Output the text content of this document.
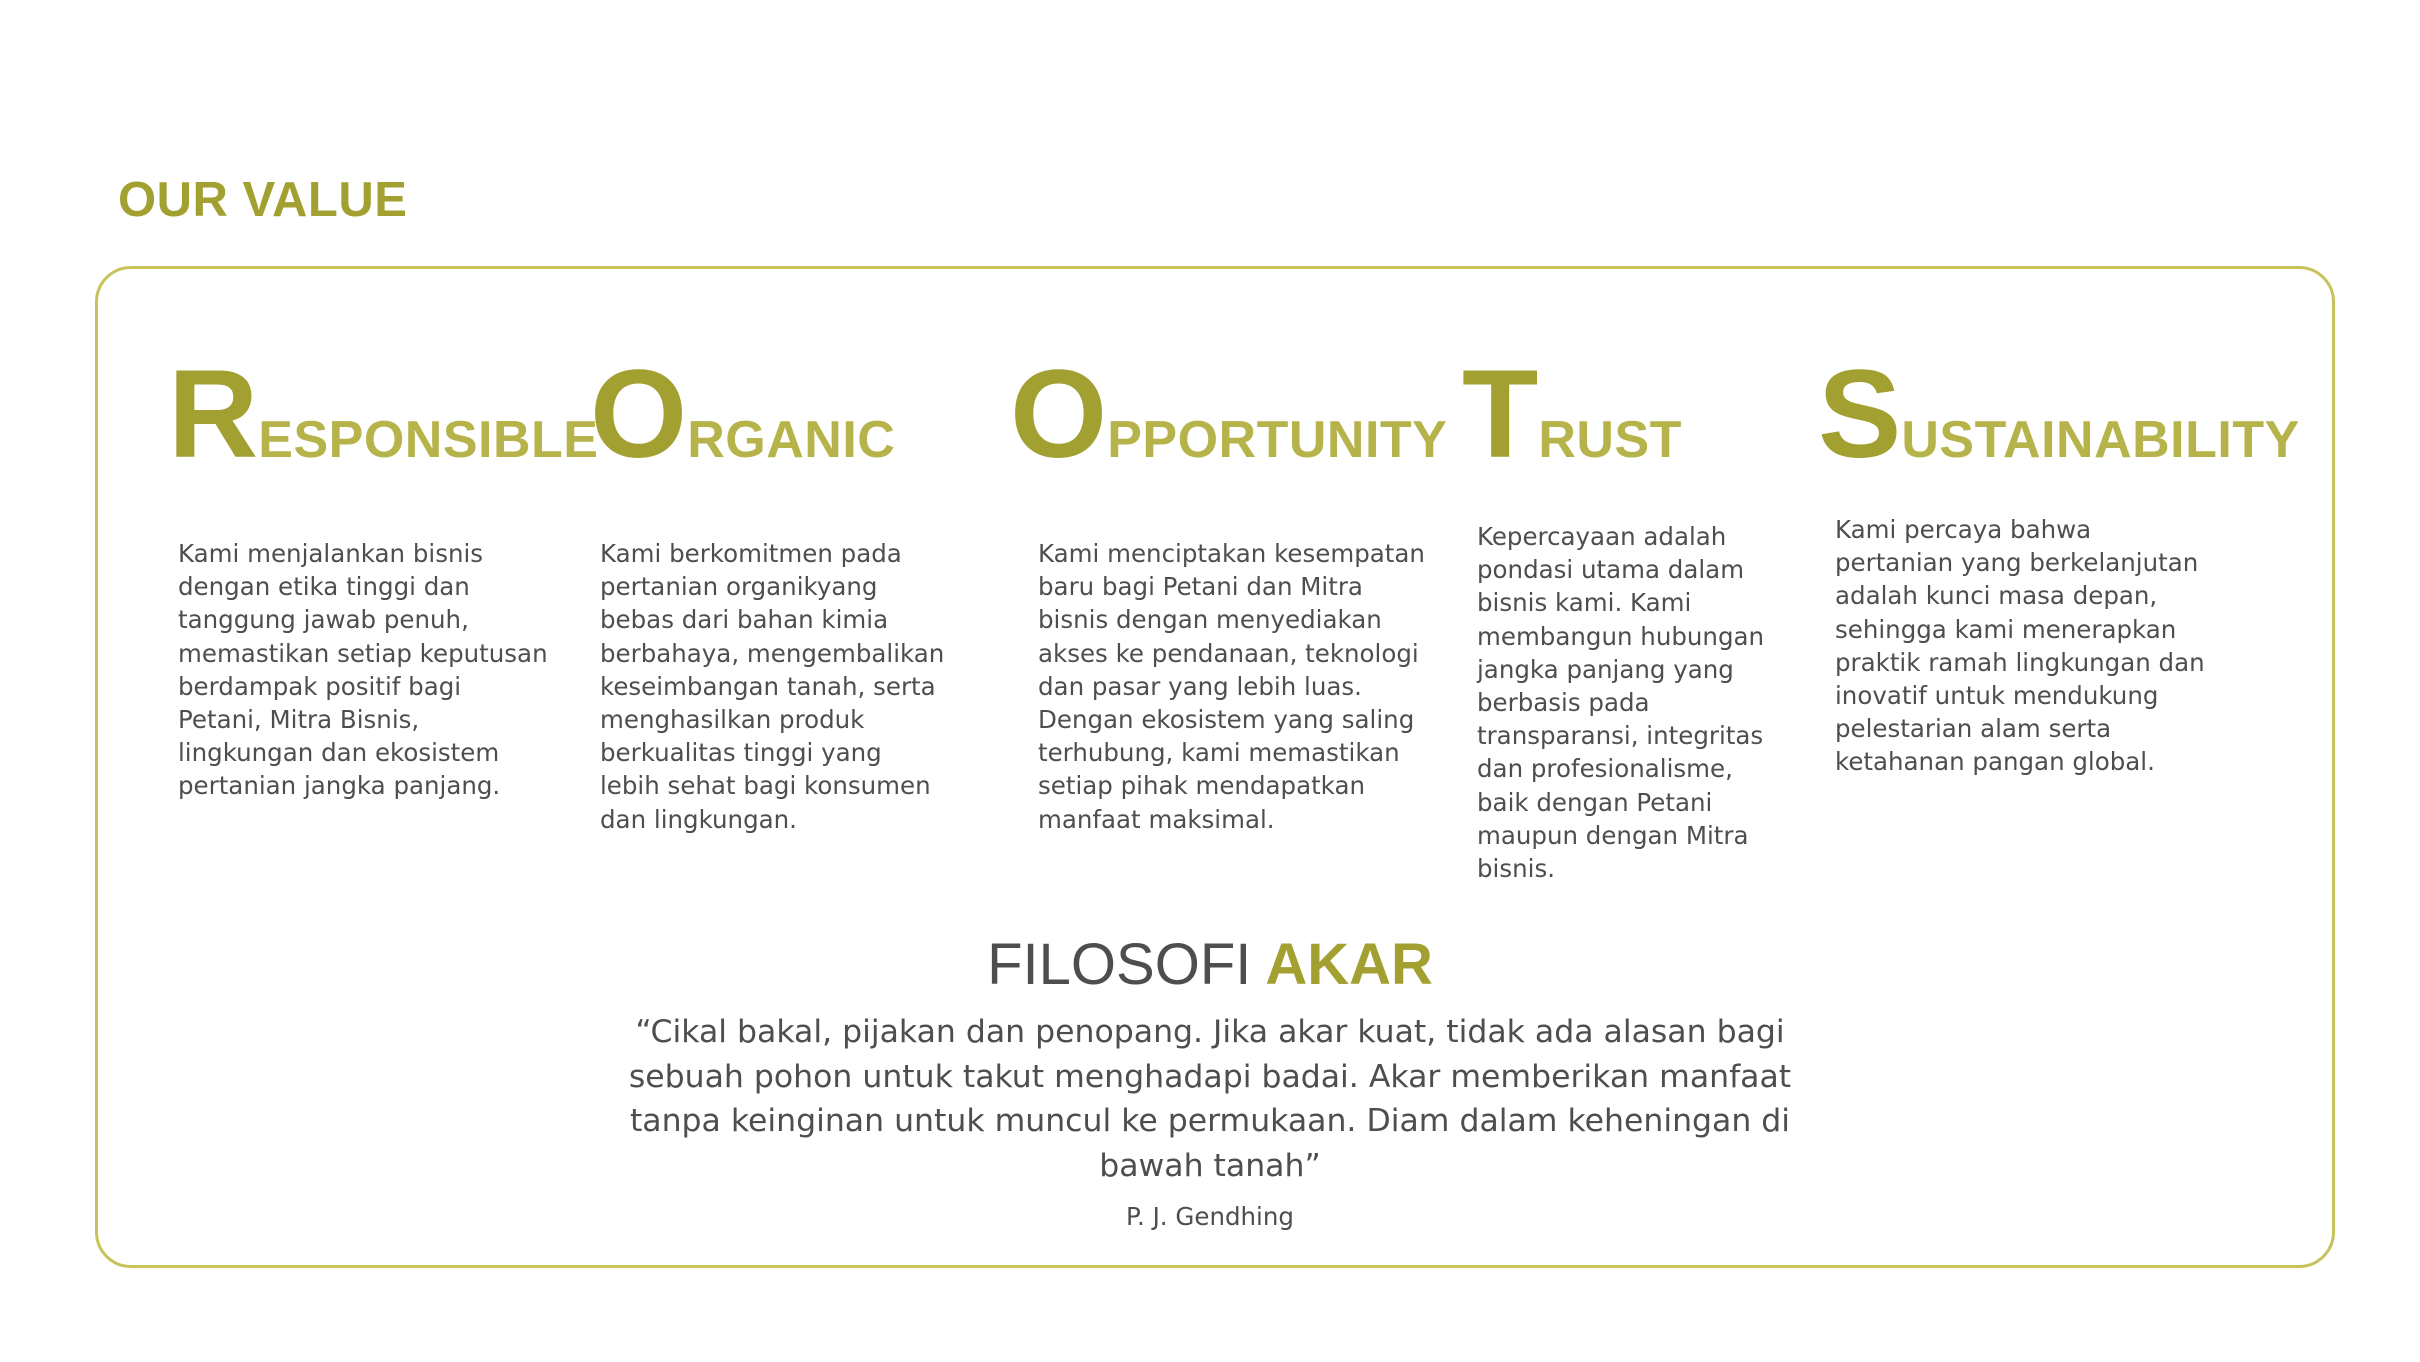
OUR VALUE
RESPONSIBLE

Kami menjalankan bisnis dengan etika tinggi dan tanggung jawab penuh, memastikan setiap keputusan berdampak positif bagi Petani, Mitra Bisnis, lingkungan dan ekosistem pertanian jangka panjang.

ORGANIC

Kami berkomitmen pada pertanian organikyang bebas dari bahan kimia berbahaya, mengembalikan keseimbangan tanah, serta menghasilkan produk berkualitas tinggi yang lebih sehat bagi konsumen dan lingkungan.

OPPORTUNITY

Kami menciptakan kesempatan baru bagi Petani dan Mitra bisnis dengan menyediakan akses ke pendanaan, teknologi dan pasar yang lebih luas. Dengan ekosistem yang saling terhubung, kami memastikan setiap pihak mendapatkan manfaat maksimal.

TRUST

Kepercayaan adalah pondasi utama dalam bisnis kami. Kami membangun hubungan jangka panjang yang berbasis pada transparansi, integritas dan profesionalisme, baik dengan Petani maupun dengan Mitra bisnis.

SUSTAINABILITY

Kami percaya bahwa pertanian yang berkelanjutan adalah kunci masa depan, sehingga kami menerapkan praktik ramah lingkungan dan inovatif untuk mendukung pelestarian alam serta ketahanan pangan global.

FILOSOFI AKAR

“Cikal bakal, pijakan dan penopang. Jika akar kuat, tidak ada alasan bagi sebuah pohon untuk takut menghadapi badai. Akar memberikan manfaat tanpa keinginan untuk muncul ke permukaan. Diam dalam keheningan di bawah tanah”

P. J. Gendhing
